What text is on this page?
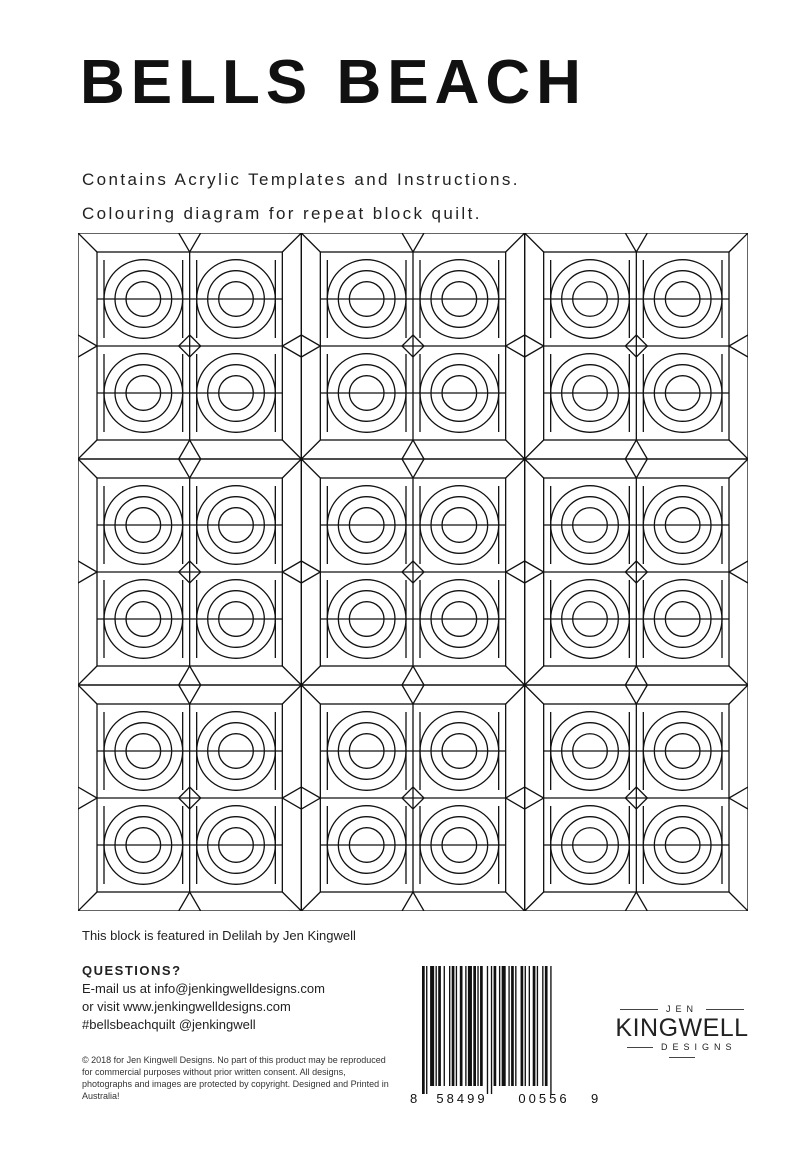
BELLS BEACH
Contains Acrylic Templates and Instructions.
Colouring diagram for repeat block quilt.
This block is featured in Delilah by Jen Kingwell
QUESTIONS?
E-mail us at info@jenkingwelldesigns.com
or visit www.jenkingwelldesigns.com
#bellsbeachquilt @jenkingwell
© 2018 for Jen Kingwell Designs. No part of this product may be reproduced for commercial purposes without prior written consent. All designs, photographs and images are protected by copyright. Designed and Printed in Australia!	8 58499 00556 9
JEN
KINGWELL
DESIGNS
